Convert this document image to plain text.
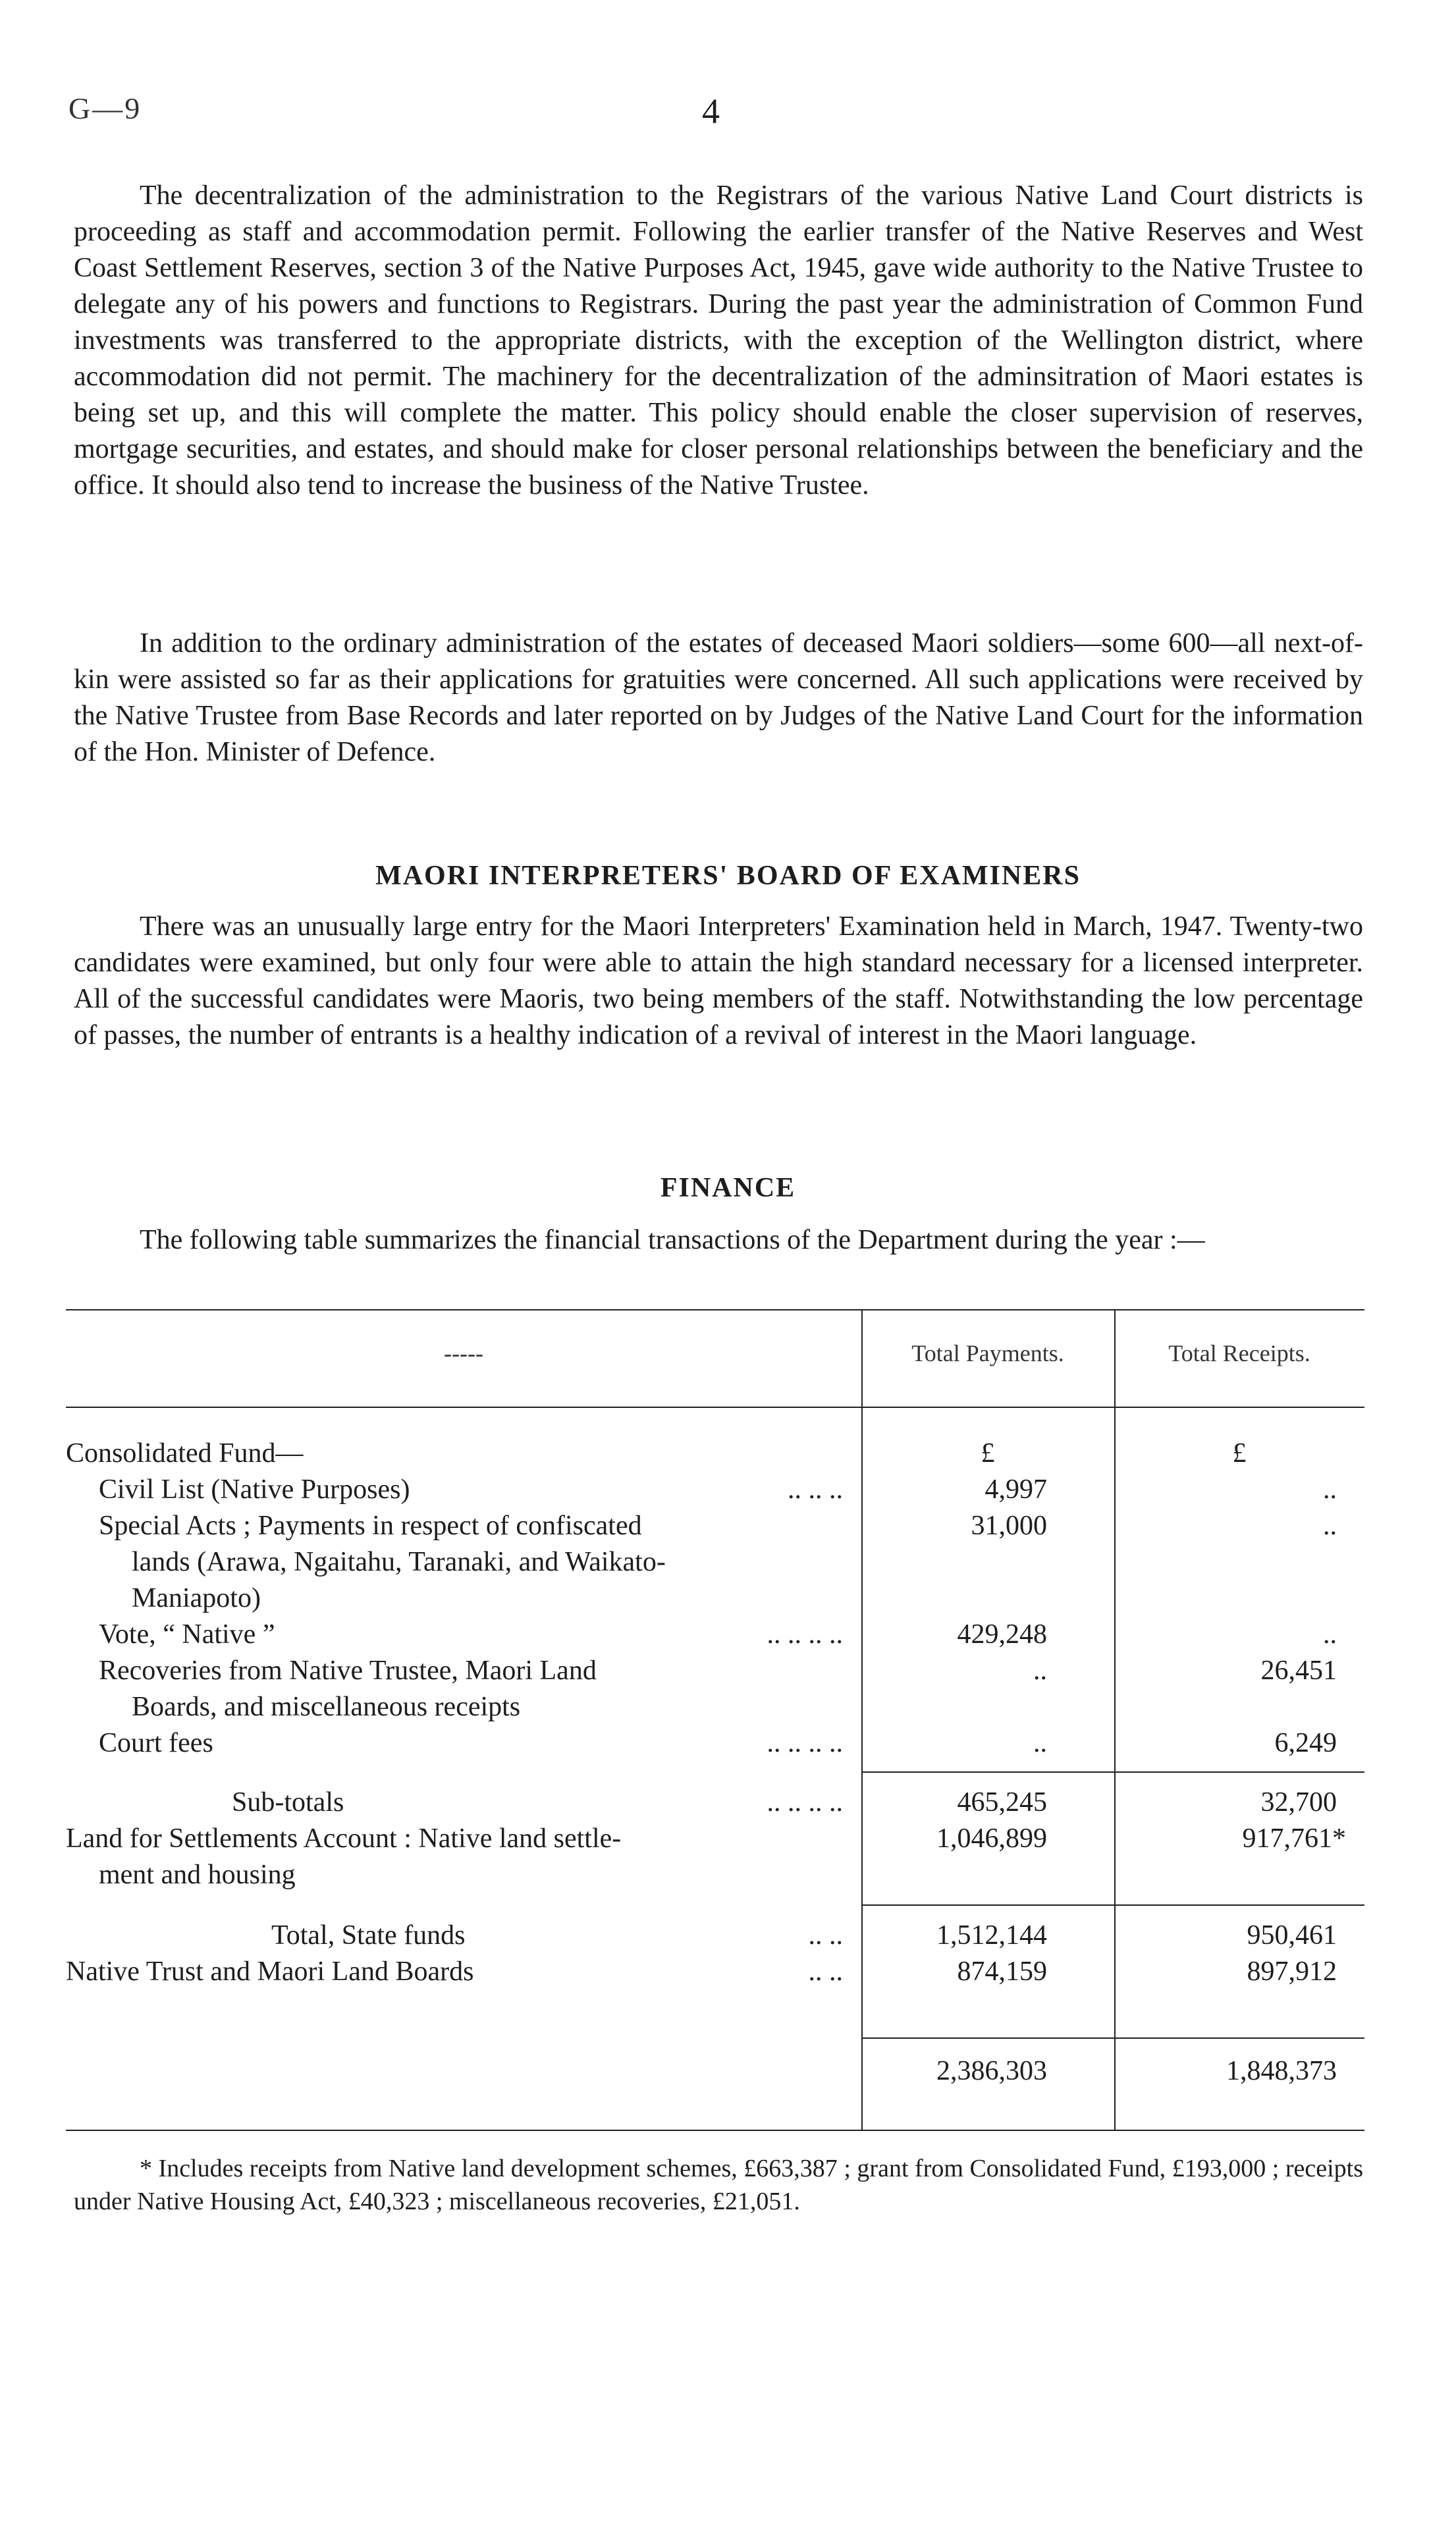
G—9	4

The decentralization of the administration to the Registrars of the various Native Land Court districts is proceeding as staff and accommodation permit. Following the earlier transfer of the Native Reserves and West Coast Settlement Reserves, section 3 of the Native Purposes Act, 1945, gave wide authority to the Native Trustee to delegate any of his powers and functions to Registrars. During the past year the administration of Common Fund investments was transferred to the appropriate districts, with the exception of the Wellington district, where accommodation did not permit. The machinery for the decentralization of the adminsitration of Maori estates is being set up, and this will complete the matter. This policy should enable the closer supervision of reserves, mortgage securities, and estates, and should make for closer personal relationships between the beneficiary and the office. It should also tend to increase the business of the Native Trustee.

In addition to the ordinary administration of the estates of deceased Maori soldiers—some 600—all next-of-kin were assisted so far as their applications for gratuities were concerned. All such applications were received by the Native Trustee from Base Records and later reported on by Judges of the Native Land Court for the information of the Hon. Minister of Defence.

MAORI INTERPRETERS' BOARD OF EXAMINERS

There was an unusually large entry for the Maori Interpreters' Examination held in March, 1947. Twenty-two candidates were examined, but only four were able to attain the high standard necessary for a licensed interpreter. All of the successful candidates were Maoris, two being members of the staff. Notwithstanding the low percentage of passes, the number of entrants is a healthy indication of a revival of interest in the Maori language.

FINANCE

The following table summarizes the financial transactions of the Department during the year :—

-----	Total Payments.	Total Receipts.
Consolidated Fund—	£	£
Civil List (Native Purposes)	.. .. ..	4,997	..
Special Acts ; Payments in respect of confiscated
lands (Arawa, Ngaitahu, Taranaki, and Waikato-
Maniapoto)
31,000	..
Vote, “ Native ”	.. .. .. ..	429,248	..
Recoveries from Native Trustee, Maori Land
Boards, and miscellaneous receipts
..	26,451
Court fees	.. .. .. ..	..	6,249
Sub-totals	.. .. .. ..	465,245	32,700
Land for Settlements Account : Native land settle-
ment and housing
1,046,899	917,761*
Total, State funds	.. ..	1,512,144	950,461
Native Trust and Maori Land Boards	.. ..	874,159	897,912
2,386,303	1,848,373

* Includes receipts from Native land development schemes, £663,387 ; grant from Consolidated Fund, £193,000 ; receipts under Native Housing Act, £40,323 ; miscellaneous recoveries, £21,051.
